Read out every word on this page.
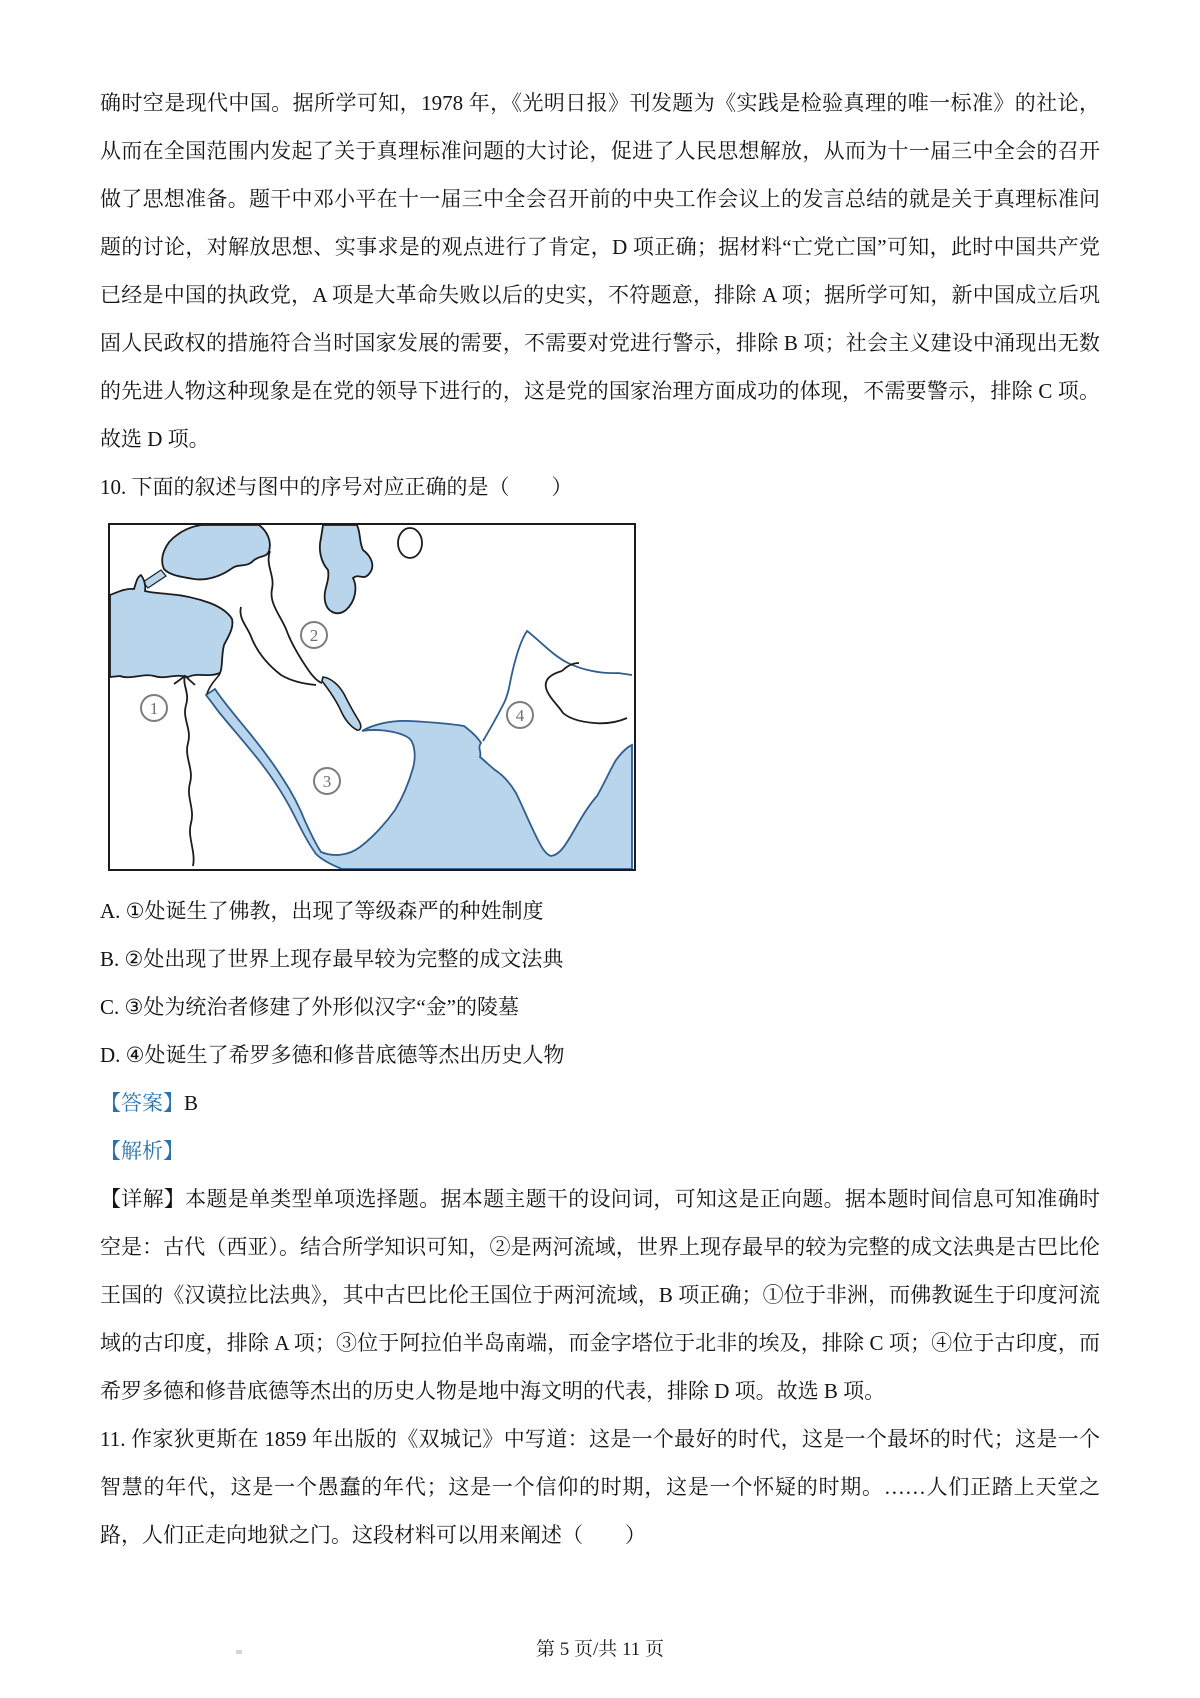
确时空是现代中国。据所学可知，1978 年，《光明日报》刊发题为《实践是检验真理的唯一标准》的社论，从而在全国范围内发起了关于真理标准问题的大讨论，促进了人民思想解放，从而为十一届三中全会的召开做了思想准备。题干中邓小平在十一届三中全会召开前的中央工作会议上的发言总结的就是关于真理标准问题的讨论，对解放思想、实事求是的观点进行了肯定，D 项正确；据材料“亡党亡国”可知，此时中国共产党已经是中国的执政党，A 项是大革命失败以后的史实，不符题意，排除 A 项；据所学可知，新中国成立后巩固人民政权的措施符合当时国家发展的需要，不需要对党进行警示，排除 B 项；社会主义建设中涌现出无数的先进人物这种现象是在党的领导下进行的，这是党的国家治理方面成功的体现，不需要警示，排除 C 项。故选 D 项。

10. 下面的叙述与图中的序号对应正确的是（　　）

1
2
3
4

A. ①处诞生了佛教，出现了等级森严的种姓制度

B. ②处出现了世界上现存最早较为完整的成文法典

C. ③处为统治者修建了外形似汉字“金”的陵墓

D. ④处诞生了希罗多德和修昔底德等杰出历史人物

【答案】B

【解析】

【详解】本题是单类型单项选择题。据本题主题干的设问词，可知这是正向题。据本题时间信息可知准确时空是：古代（西亚）。结合所学知识可知，②是两河流域，世界上现存最早的较为完整的成文法典是古巴比伦王国的《汉谟拉比法典》，其中古巴比伦王国位于两河流域，B 项正确；①位于非洲，而佛教诞生于印度河流域的古印度，排除 A 项；③位于阿拉伯半岛南端，而金字塔位于北非的埃及，排除 C 项；④位于古印度，而希罗多德和修昔底德等杰出的历史人物是地中海文明的代表，排除 D 项。故选 B 项。

11. 作家狄更斯在 1859 年出版的《双城记》中写道：这是一个最好的时代，这是一个最坏的时代；这是一个智慧的年代，这是一个愚蠢的年代；这是一个信仰的时期，这是一个怀疑的时期。……人们正踏上天堂之路，人们正走向地狱之门。这段材料可以用来阐述（　　）

第 5 页/共 11 页
